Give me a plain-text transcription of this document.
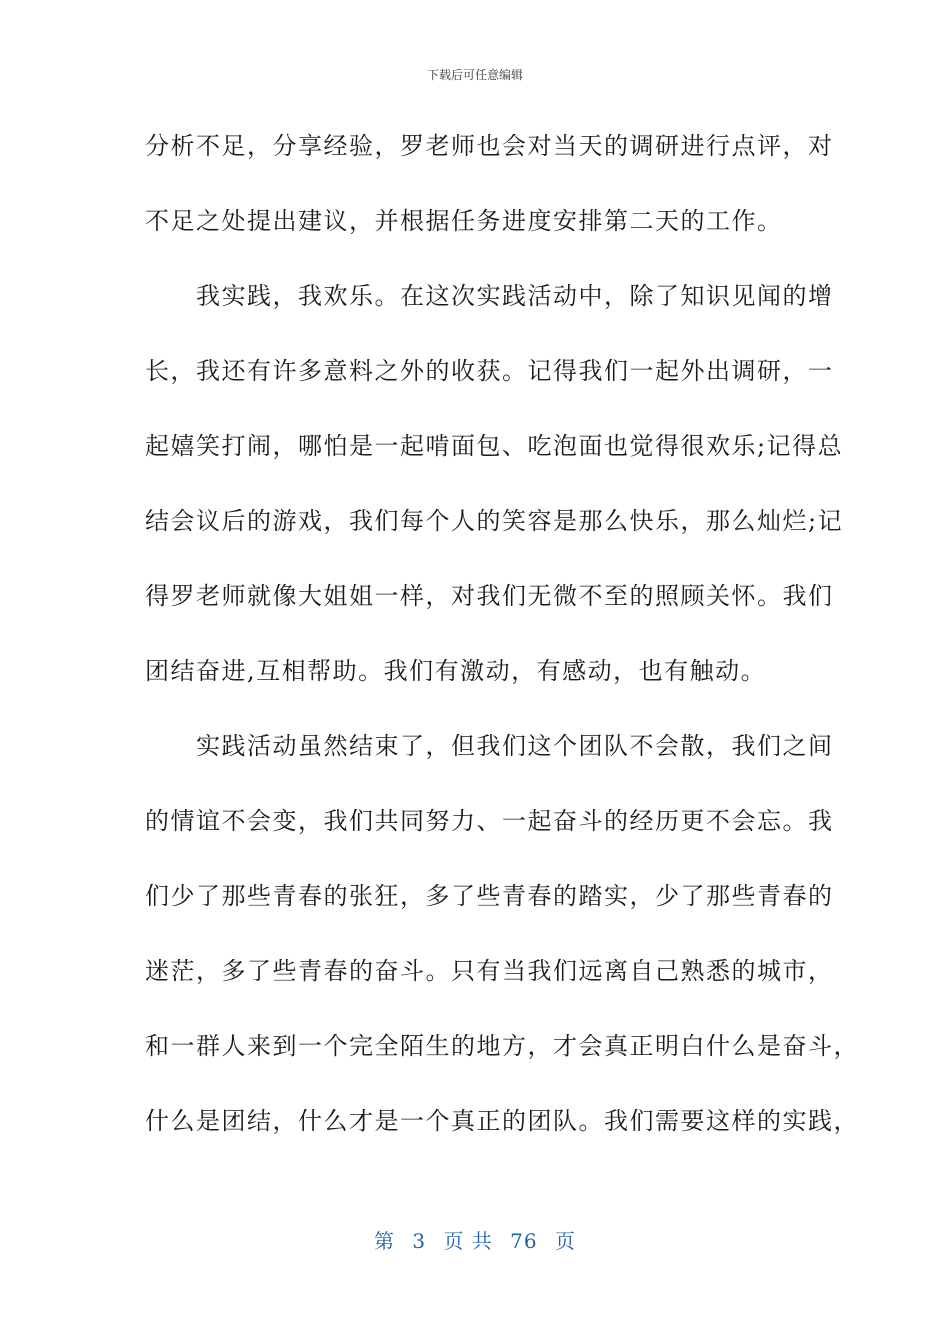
下载后可任意编辑
分析不足，分享经验，罗老师也会对当天的调研进行点评，对
不足之处提出建议，并根据任务进度安排第二天的工作。
　　我实践，我欢乐。在这次实践活动中，除了知识见闻的增
长，我还有许多意料之外的收获。记得我们一起外出调研，一
起嬉笑打闹，哪怕是一起啃面包、吃泡面也觉得很欢乐;记得总
结会议后的游戏，我们每个人的笑容是那么快乐，那么灿烂;记
得罗老师就像大姐姐一样，对我们无微不至的照顾关怀。我们
团结奋进,互相帮助。我们有激动，有感动，也有触动。
　　实践活动虽然结束了，但我们这个团队不会散，我们之间
的情谊不会变，我们共同努力、一起奋斗的经历更不会忘。我
们少了那些青春的张狂，多了些青春的踏实，少了那些青春的
迷茫，多了些青春的奋斗。只有当我们远离自己熟悉的城市，
和一群人来到一个完全陌生的地方，才会真正明白什么是奋斗，
什么是团结，什么才是一个真正的团队。我们需要这样的实践，
第 3 页 共 76 页
